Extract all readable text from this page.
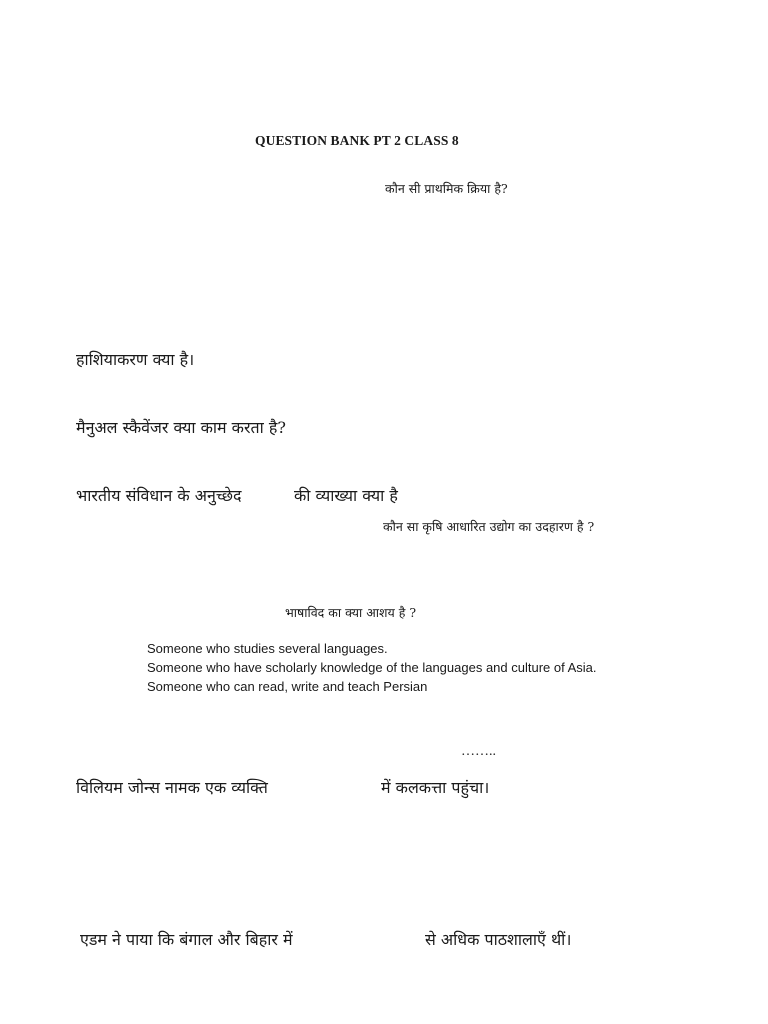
QUESTION BANK PT 2 CLASS 8
कौन सी प्राथमिक क्रिया है?
हाशियाकरण क्या है।
मैनुअल स्कैवेंजर क्या काम करता है?
भारतीय संविधान के अनुच्छेद	की व्याख्या क्या है
कौन सा कृषि आधारित उद्योग का उदहारण है ?
भाषाविद का क्या आशय है ?
Someone who studies several languages.
Someone who have scholarly knowledge of the languages and culture of Asia.
Someone who can read, write and teach Persian
……..
विलियम जोन्स नामक एक व्यक्ति	में कलकत्ता पहुंचा।
एडम ने पाया कि बंगाल और बिहार में	से अधिक पाठशालाएँ थीं।
